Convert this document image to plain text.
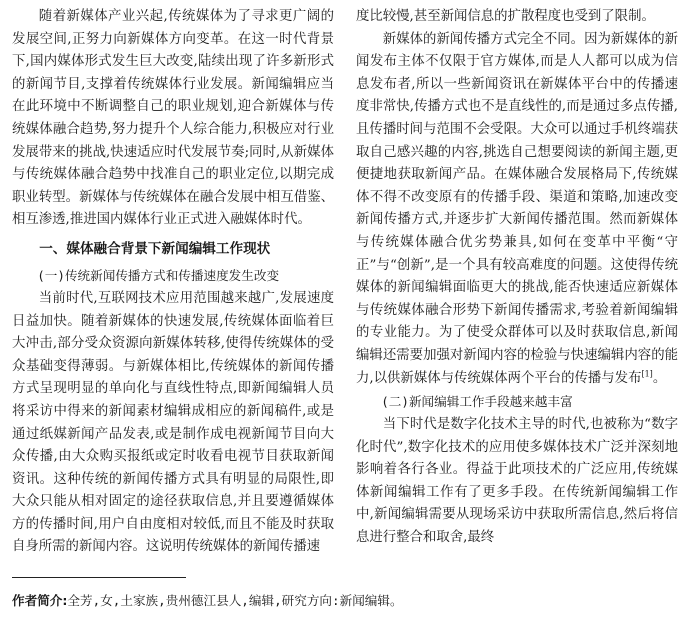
随着新媒体产业兴起,传统媒体为了寻求更广阔的发展空间,正努力向新媒体方向变革。在这一时代背景下,国内媒体形式发生巨大改变,陆续出现了许多新形式的新闻节目,支撑着传统媒体行业发展。新闻编辑应当在此环境中不断调整自己的职业规划,迎合新媒体与传统媒体融合趋势,努力提升个人综合能力,积极应对行业发展带来的挑战,快速适应时代发展节奏;同时,从新媒体与传统媒体融合趋势中找准自己的职业定位,以期完成职业转型。新媒体与传统媒体在融合发展中相互借鉴、相互渗透,推进国内媒体行业正式进入融媒体时代。

一、媒体融合背景下新闻编辑工作现状
(一)传统新闻传播方式和传播速度发生改变

当前时代,互联网技术应用范围越来越广,发展速度日益加快。随着新媒体的快速发展,传统媒体面临着巨大冲击,部分受众资源向新媒体转移,使得传统媒体的受众基础变得薄弱。与新媒体相比,传统媒体的新闻传播方式呈现明显的单向化与直线性特点,即新闻编辑人员将采访中得来的新闻素材编辑成相应的新闻稿件,或是通过纸媒新闻产品发表,或是制作成电视新闻节目向大众传播,由大众购买报纸或定时收看电视节目获取新闻资讯。这种传统的新闻传播方式具有明显的局限性,即大众只能从相对固定的途径获取信息,并且要遵循媒体方的传播时间,用户自由度相对较低,而且不能及时获取自身所需的新闻内容。这说明传统媒体的新闻传播速

度比较慢,甚至新闻信息的扩散程度也受到了限制。

新媒体的新闻传播方式完全不同。因为新媒体的新闻发布主体不仅限于官方媒体,而是人人都可以成为信息发布者,所以一些新闻资讯在新媒体平台中的传播速度非常快,传播方式也不是直线性的,而是通过多点传播,且传播时间与范围不会受限。大众可以通过手机终端获取自己感兴趣的内容,挑选自己想要阅读的新闻主题,更便捷地获取新闻产品。在媒体融合发展格局下,传统媒体不得不改变原有的传播手段、渠道和策略,加速改变新闻传播方式,并逐步扩大新闻传播范围。然而新媒体与传统媒体融合优劣势兼具,如何在变革中平衡“守正”与“创新”,是一个具有较高难度的问题。这使得传统媒体的新闻编辑面临更大的挑战,能否快速适应新媒体与传统媒体融合形势下新闻传播需求,考验着新闻编辑的专业能力。为了使受众群体可以及时获取信息,新闻编辑还需要加强对新闻内容的检验与快速编辑内容的能力,以供新媒体与传统媒体两个平台的传播与发布[1]。

(二)新闻编辑工作手段越来越丰富

当下时代是数字化技术主导的时代,也被称为“数字化时代”,数字化技术的应用使多媒体技术广泛并深刻地影响着各行各业。得益于此项技术的广泛应用,传统媒体新闻编辑工作有了更多手段。在传统新闻编辑工作中,新闻编辑需要从现场采访中获取所需信息,然后将信息进行整合和取舍,最终

作者简介:全芳,女,土家族,贵州德江县人,编辑,研究方向:新闻编辑。
